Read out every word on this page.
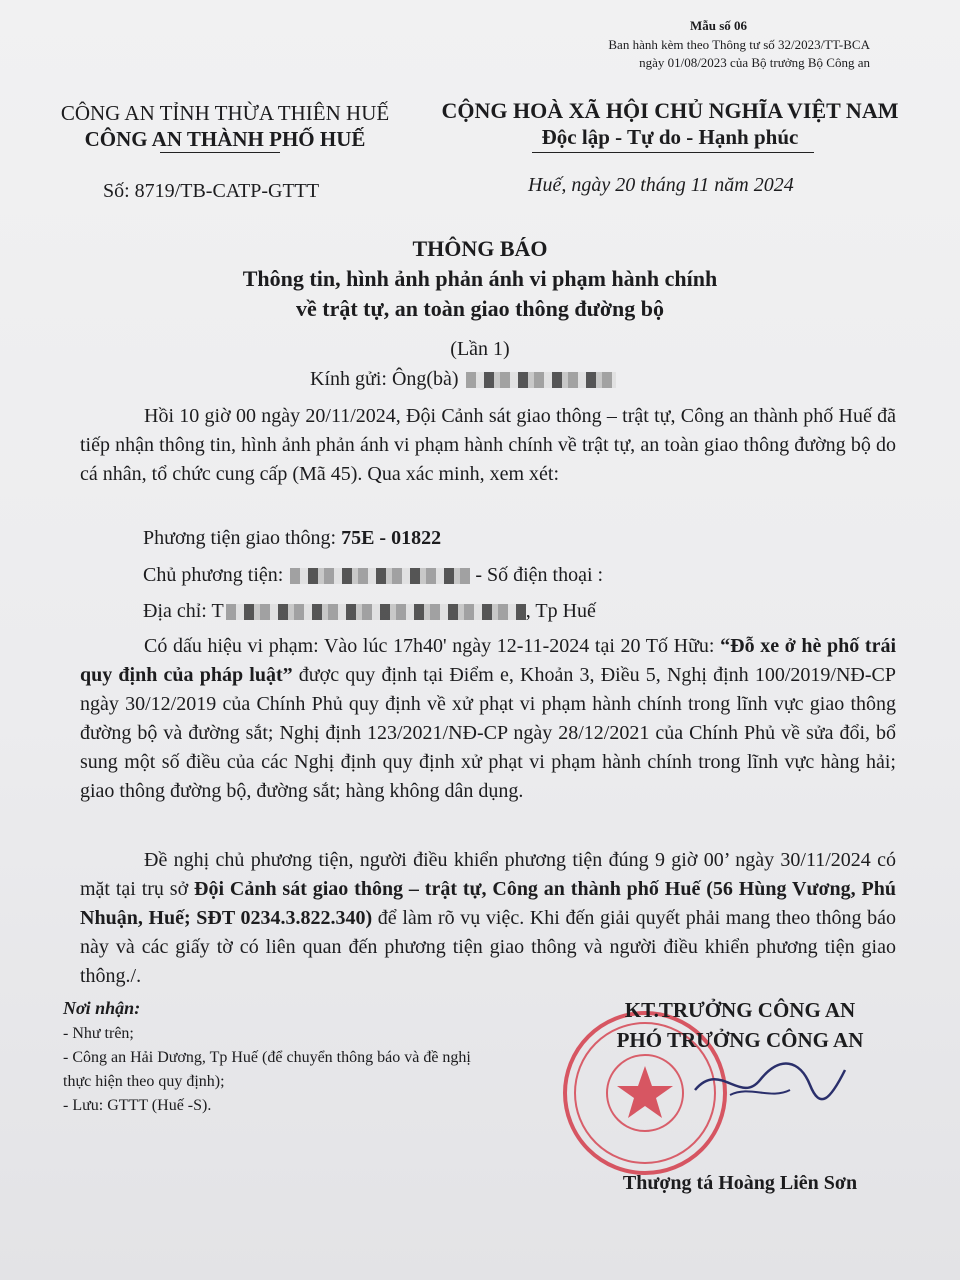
Mẫu số 06
Ban hành kèm theo Thông tư số 32/2023/TT-BCA
ngày 01/08/2023 của Bộ trưởng Bộ Công an
CÔNG AN TỈNH THỪA THIÊN HUẾ
CÔNG AN THÀNH PHỐ HUẾ
CỘNG HOÀ XÃ HỘI CHỦ NGHĨA VIỆT NAM
Độc lập - Tự do - Hạnh phúc
Số: 8719/TB-CATP-GTTT	Huế, ngày 20 tháng 11 năm 2024
THÔNG BÁO
Thông tin, hình ảnh phản ánh vi phạm hành chính
về trật tự, an toàn giao thông đường bộ
(Lần 1)
Kính gửi: Ông(bà)
Hồi 10 giờ 00 ngày 20/11/2024, Đội Cảnh sát giao thông – trật tự, Công an thành phố Huế đã tiếp nhận thông tin, hình ảnh phản ánh vi phạm hành chính về trật tự, an toàn giao thông đường bộ do cá nhân, tổ chức cung cấp (Mã 45). Qua xác minh, xem xét:
Phương tiện giao thông: 75E - 01822
Chủ phương tiện:	- Số điện thoại :
Địa chỉ: T	, Tp Huế
Có dấu hiệu vi phạm: Vào lúc 17h40' ngày 12-11-2024 tại 20 Tố Hữu: “Đỗ xe ở hè phố trái quy định của pháp luật” được quy định tại Điểm e, Khoản 3, Điều 5, Nghị định 100/2019/NĐ-CP ngày 30/12/2019 của Chính Phủ quy định về xử phạt vi phạm hành chính trong lĩnh vực giao thông đường bộ và đường sắt; Nghị định 123/2021/NĐ-CP ngày 28/12/2021 của Chính Phủ về sửa đổi, bổ sung một số điều của các Nghị định quy định xử phạt vi phạm hành chính trong lĩnh vực hàng hải; giao thông đường bộ, đường sắt; hàng không dân dụng.
Đề nghị chủ phương tiện, người điều khiển phương tiện đúng 9 giờ 00’ ngày 30/11/2024 có mặt tại trụ sở Đội Cảnh sát giao thông – trật tự, Công an thành phố Huế (56 Hùng Vương, Phú Nhuận, Huế; SĐT 0234.3.822.340) để làm rõ vụ việc. Khi đến giải quyết phải mang theo thông báo này và các giấy tờ có liên quan đến phương tiện giao thông và người điều khiển phương tiện giao thông./.
Nơi nhận:
- Như trên;
- Công an Hải Dương, Tp Huế (để chuyển thông báo và đề nghị thực hiện theo quy định);
- Lưu: GTTT (Huế -S).
KT.TRƯỞNG CÔNG AN
PHÓ TRƯỞNG CÔNG AN
Thượng tá Hoàng Liên Sơn
